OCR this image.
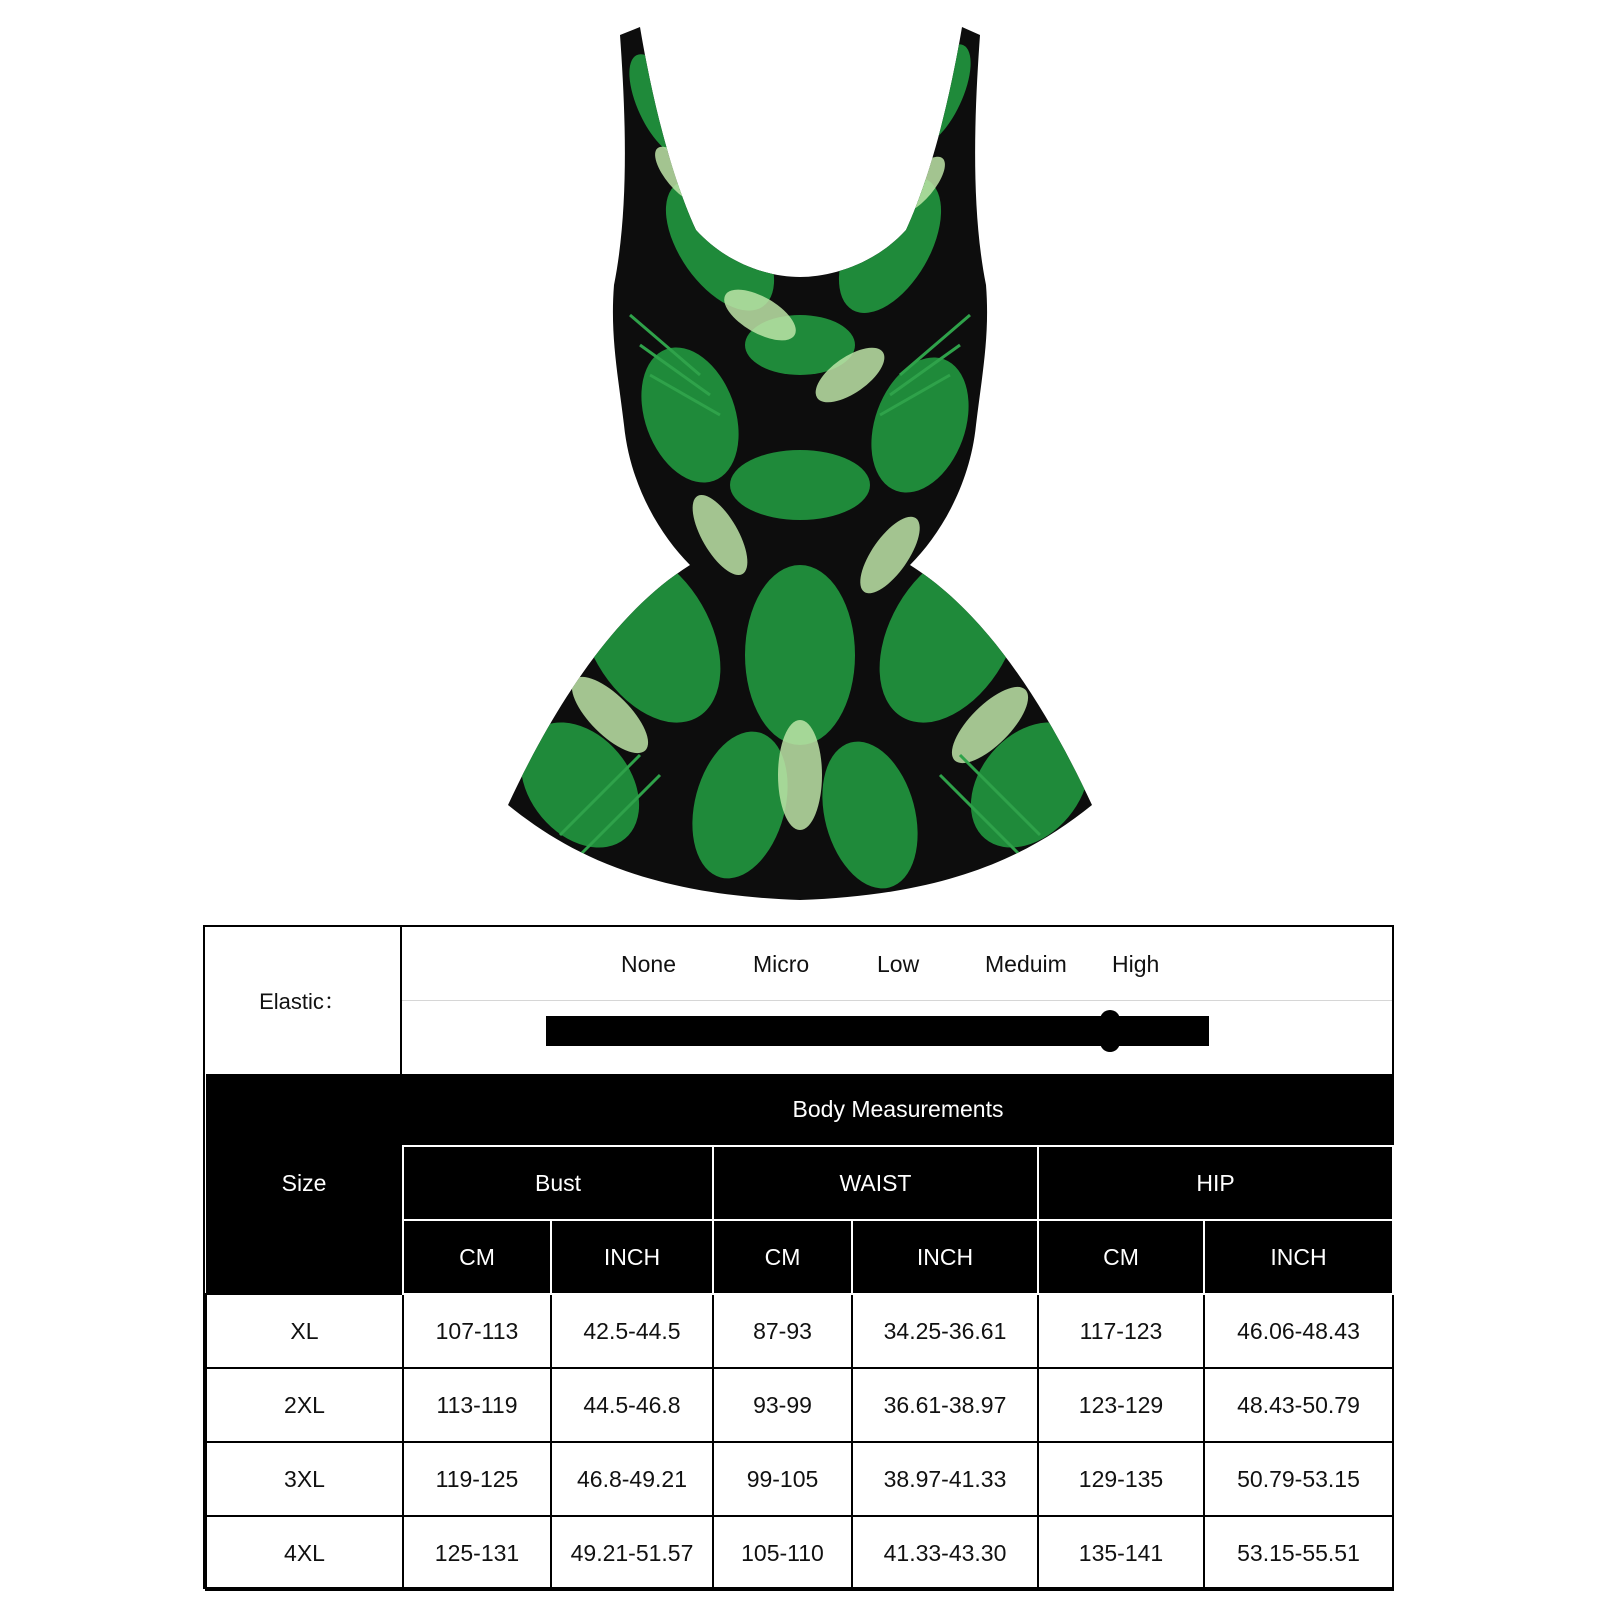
Elastic：
None	Micro	Low	Meduim High
Size	Body Measurements					
	Bust		WAIST		HIP	
	CM	INCH	CM	INCH	CM	INCH
XL	107-113	42.5-44.5	87-93	34.25-36.61	117-123	46.06-48.43
2XL	113-119	44.5-46.8	93-99	36.61-38.97	123-129	48.43-50.79
3XL	119-125	46.8-49.21	99-105	38.97-41.33	129-135	50.79-53.15
4XL	125-131	49.21-51.57	105-110	41.33-43.30	135-141	53.15-55.51
